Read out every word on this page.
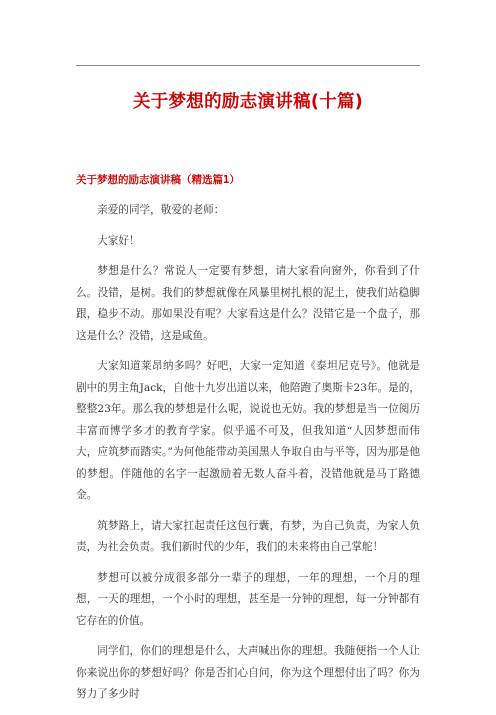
关于梦想的励志演讲稿(十篇)
关于梦想的励志演讲稿（精选篇1）

亲爱的同学，敬爱的老师：

大家好！

梦想是什么？常说人一定要有梦想，请大家看向窗外，你看到了什么。没错，是树。我们的梦想就像在风暴里树扎根的泥土，使我们站稳脚跟，稳步不动。那如果没有呢？大家看这是什么？没错它是一个盘子，那这是什么？没错，这是咸鱼。

大家知道莱昂纳多吗？好吧，大家一定知道《泰坦尼克号》。他就是剧中的男主角Jack，自他十九岁出道以来，他陪跑了奥斯卡23年。是的，整整23年。那么我的梦想是什么呢，说说也无妨。我的梦想是当一位阅历丰富而博学多才的教育学家。似乎遥不可及，但我知道“人因梦想而伟大，应筑梦而踏实。”为何他能带动美国黑人争取自由与平等，因为那是他的梦想。伴随他的名字一起激励着无数人奋斗着，没错他就是马丁路德金。

筑梦路上，请大家扛起责任这包行囊，有梦，为自己负责，为家人负责，为社会负责。我们新时代的少年，我们的未来将由自己掌舵！

梦想可以被分成很多部分一辈子的理想，一年的理想，一个月的理想，一天的理想，一个小时的理想，甚至是一分钟的理想，每一分钟都有它存在的价值。

同学们，你们的理想是什么，大声喊出你的理想。我随便指一个人让你来说出你的梦想好吗？你是否扪心自问，你为这个理想付出了吗？你为努力了多少时
